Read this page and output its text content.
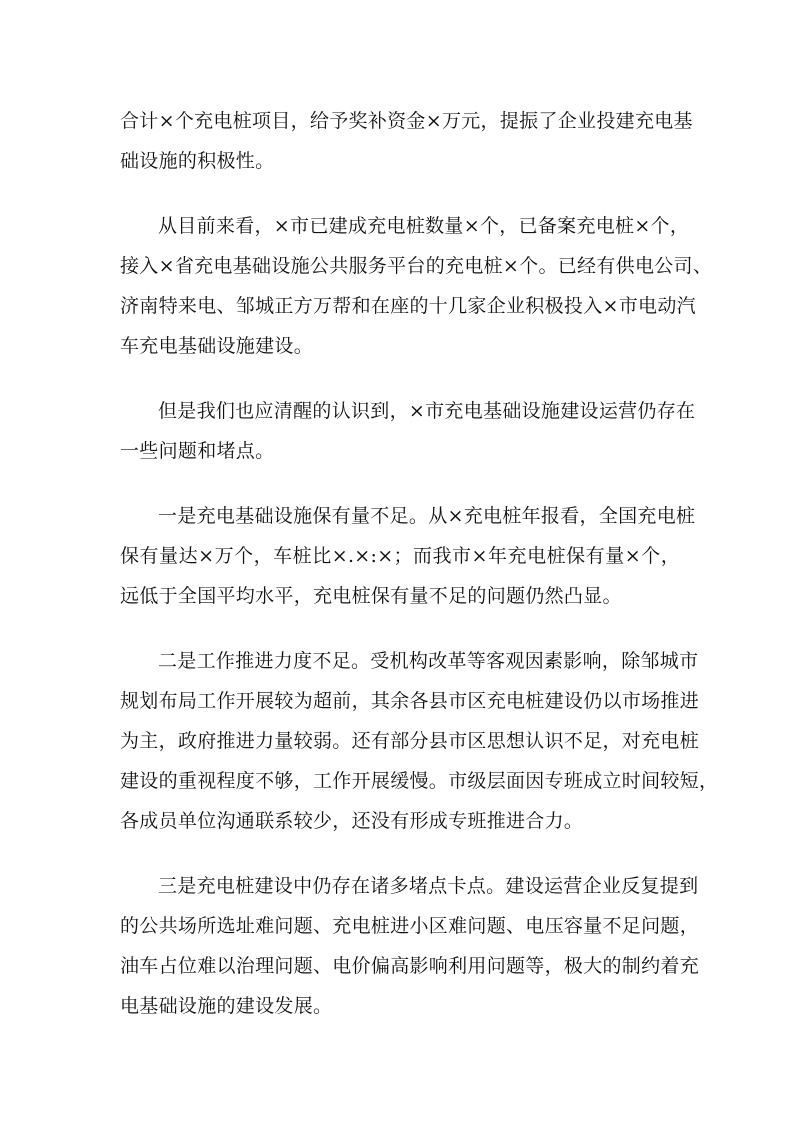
合计×个充电桩项目，给予奖补资金×万元，提振了企业投建充电基
础设施的积极性。
从目前来看，×市已建成充电桩数量×个，已备案充电桩×个，
接入×省充电基础设施公共服务平台的充电桩×个。已经有供电公司、
济南特来电、邹城正方万帮和在座的十几家企业积极投入×市电动汽
车充电基础设施建设。
但是我们也应清醒的认识到，×市充电基础设施建设运营仍存在
一些问题和堵点。
一是充电基础设施保有量不足。从×充电桩年报看，全国充电桩
保有量达×万个，车桩比×.×:×；而我市×年充电桩保有量×个，
远低于全国平均水平，充电桩保有量不足的问题仍然凸显。
二是工作推进力度不足。受机构改革等客观因素影响，除邹城市
规划布局工作开展较为超前，其余各县市区充电桩建设仍以市场推进
为主，政府推进力量较弱。还有部分县市区思想认识不足，对充电桩
建设的重视程度不够，工作开展缓慢。市级层面因专班成立时间较短，
各成员单位沟通联系较少，还没有形成专班推进合力。
三是充电桩建设中仍存在诸多堵点卡点。建设运营企业反复提到
的公共场所选址难问题、充电桩进小区难问题、电压容量不足问题，
油车占位难以治理问题、电价偏高影响利用问题等，极大的制约着充
电基础设施的建设发展。
